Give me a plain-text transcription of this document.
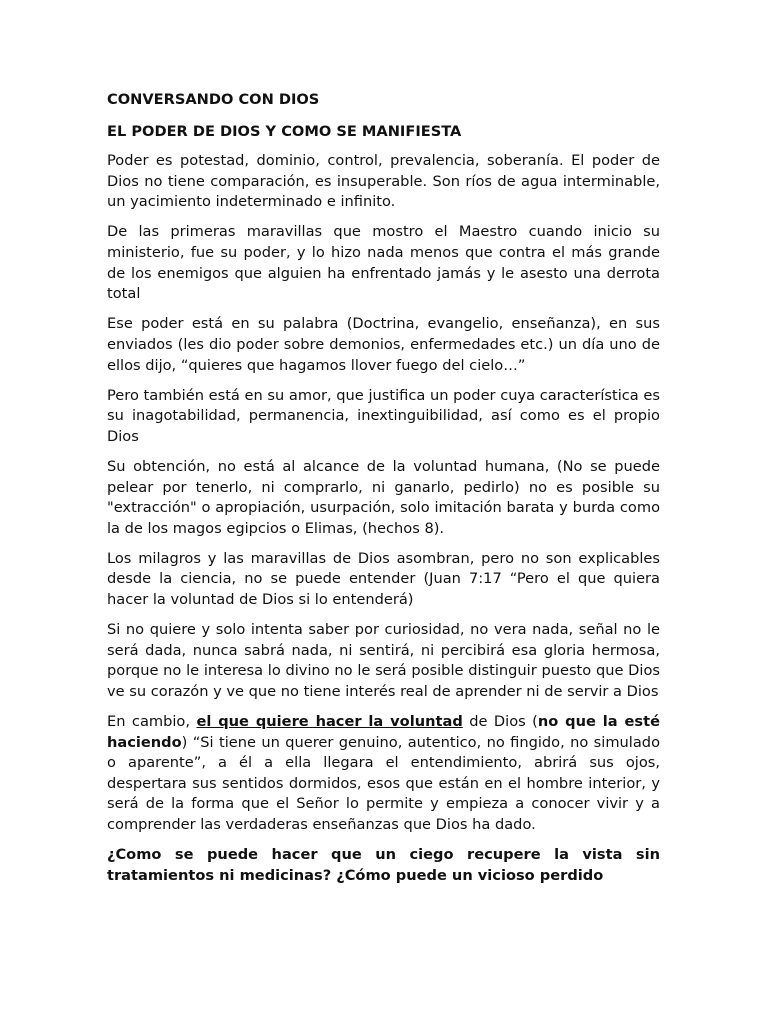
CONVERSANDO CON DIOS

EL PODER DE DIOS Y COMO SE MANIFIESTA

Poder es potestad, dominio, control, prevalencia, soberanía. El poder de Dios no tiene comparación, es insuperable. Son ríos de agua interminable, un yacimiento indeterminado e infinito.

De las primeras maravillas que mostro el Maestro cuando inicio su ministerio, fue su poder, y lo hizo nada menos que contra el más grande de los enemigos que alguien ha enfrentado jamás y le asesto una derrota total

Ese poder está en su palabra (Doctrina, evangelio, enseñanza), en sus enviados (les dio poder sobre demonios, enfermedades etc.) un día uno de ellos dijo, “quieres que hagamos llover fuego del cielo…”

Pero también está en su amor, que justifica un poder cuya característica es su inagotabilidad, permanencia, inextinguibilidad, así como es el propio Dios

Su obtención, no está al alcance de la voluntad humana, (No se puede pelear por tenerlo, ni comprarlo, ni ganarlo, pedirlo) no es posible su "extracción" o apropiación, usurpación, solo imitación barata y burda como la de los magos egipcios o Elimas, (hechos 8).

Los milagros y las maravillas de Dios asombran, pero no son explicables desde la ciencia, no se puede entender (Juan 7:17 “Pero el que quiera hacer la voluntad de Dios si lo entenderá)

Si no quiere y solo intenta saber por curiosidad, no vera nada, señal no le será dada, nunca sabrá nada, ni sentirá, ni percibirá esa gloria hermosa, porque no le interesa lo divino no le será posible distinguir puesto que Dios ve su corazón y ve que no tiene interés real de aprender ni de servir a Dios

En cambio, el que quiere hacer la voluntad de Dios (no que la esté haciendo) “Si tiene un querer genuino, autentico, no fingido, no simulado o aparente”, a él a ella llegara el entendimiento, abrirá sus ojos, despertara sus sentidos dormidos, esos que están en el hombre interior, y será de la forma que el Señor lo permite y empieza a conocer vivir y a comprender las verdaderas enseñanzas que Dios ha dado.

¿Como se puede hacer que un ciego recupere la vista sin tratamientos ni medicinas? ¿Cómo puede un vicioso perdido
